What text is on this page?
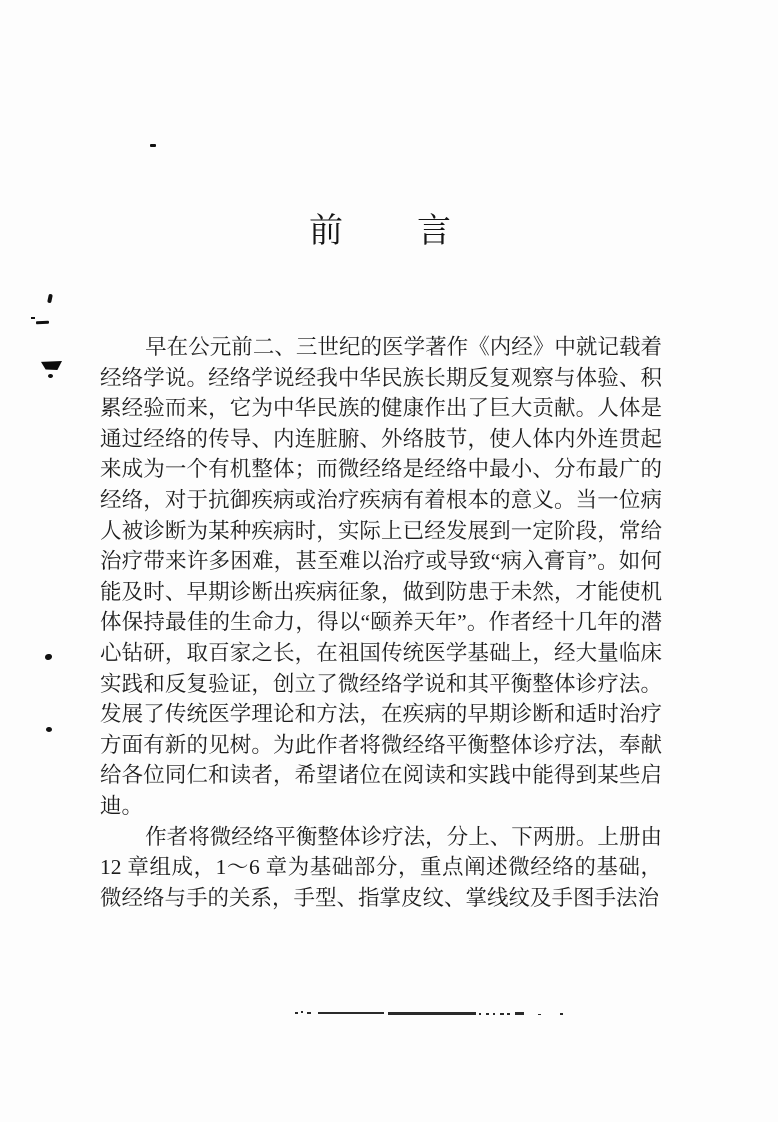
前　　言
早在公元前二、三世纪的医学著作《内经》中就记载着
经络学说。经络学说经我中华民族长期反复观察与体验、积
累经验而来，它为中华民族的健康作出了巨大贡献。人体是
通过经络的传导、内连脏腑、外络肢节，使人体内外连贯起
来成为一个有机整体；而微经络是经络中最小、分布最广的
经络，对于抗御疾病或治疗疾病有着根本的意义。当一位病
人被诊断为某种疾病时，实际上已经发展到一定阶段，常给
治疗带来许多困难，甚至难以治疗或导致“病入膏肓”。如何
能及时、早期诊断出疾病征象，做到防患于未然，才能使机
体保持最佳的生命力，得以“颐养天年”。作者经十几年的潜
心钻研，取百家之长，在祖国传统医学基础上，经大量临床
实践和反复验证，创立了微经络学说和其平衡整体诊疗法。
发展了传统医学理论和方法，在疾病的早期诊断和适时治疗
方面有新的见树。为此作者将微经络平衡整体诊疗法，奉献
给各位同仁和读者，希望诸位在阅读和实践中能得到某些启
迪。
作者将微经络平衡整体诊疗法，分上、下两册。上册由
12 章组成，1～6 章为基础部分，重点阐述微经络的基础，
微经络与手的关系，手型、指掌皮纹、掌线纹及手图手法治
